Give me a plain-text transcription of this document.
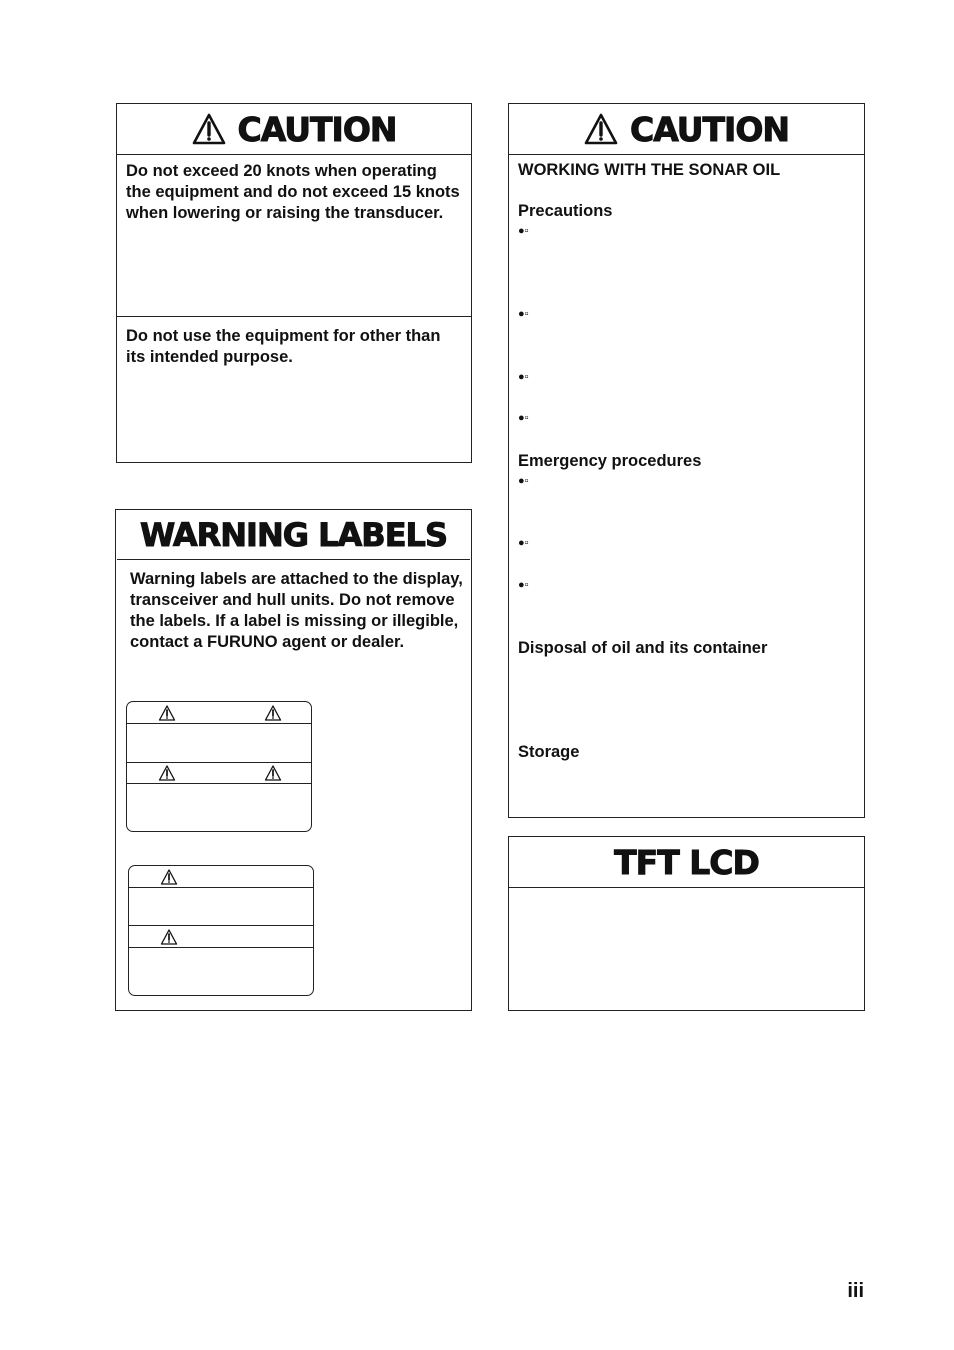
CAUTION
Do not exceed 20 knots when operating the equipment and do not exceed 15 knots when lowering or raising the transducer.
Do not use the equipment for other than its intended purpose.
WARNING LABELS
Warning labels are attached to the display, transceiver and hull units. Do not remove the labels. If a label is missing or illegible, contact a FURUNO agent or dealer.
CAUTION
WORKING WITH THE SONAR OIL
Precautions
●▫
●▫
●▫
●▫
Emergency procedures
●▫
●▫
●▫
Disposal of oil and its container
Storage
TFT LCD
iii
